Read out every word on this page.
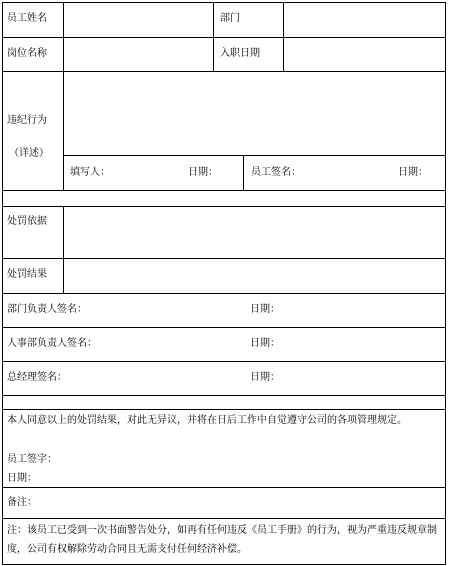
员工姓名	部门
岗位名称	入职日期
违纪行为
（详述）
填写人：	日期：	员工签名：	日期：
处罚依据
处罚结果
部门负责人签名：	日期：
人事部负责人签名：	日期：
总经理签名：	日期：
本人同意以上的处罚结果，对此无异议，并将在日后工作中自觉遵守公司的各项管理规定。
员工签字：
日期：
备注：
注：该员工已受到一次书面警告处分，如再有任何违反《员工手册》的行为，视为严重违反规章制度，公司有权解除劳动合同且无需支付任何经济补偿。
